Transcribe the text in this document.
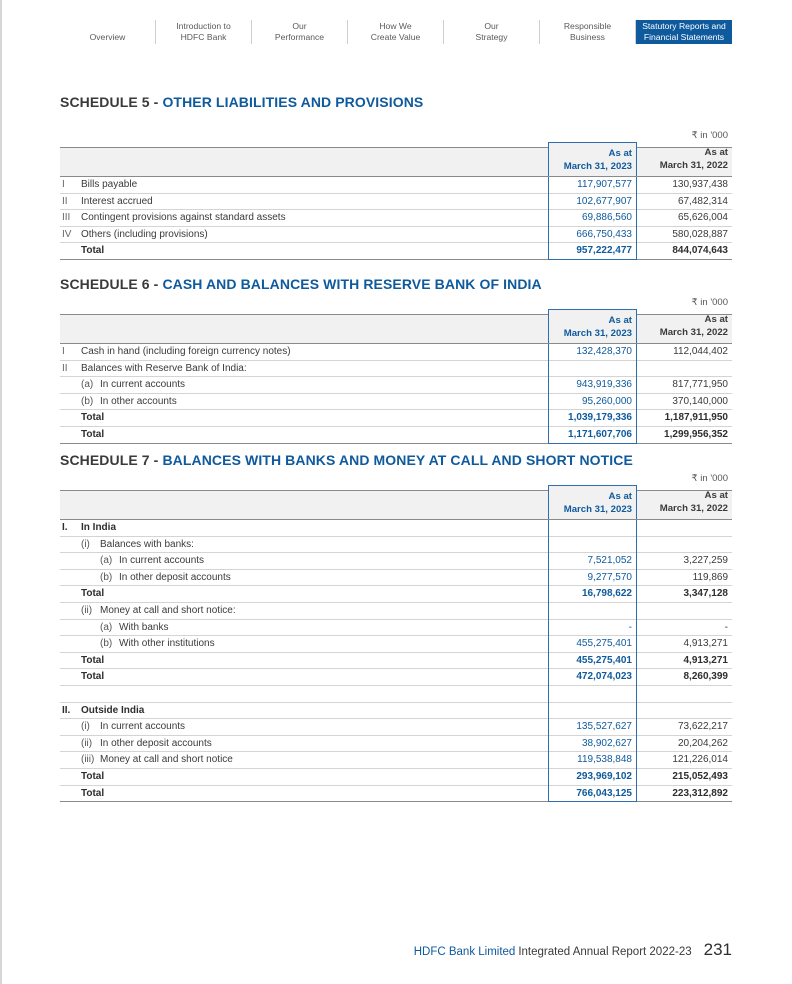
Overview
Introduction to
HDFC Bank
Our
Performance
How We
Create Value
Our
Strategy
Responsible
Business
Statutory Reports and
Financial Statements
SCHEDULE 5 - OTHER LIABILITIES AND PROVISIONS
₹ in '000
As at
March 31, 2023
As at
March 31, 2022
I Bills payable	117,907,577	130,937,438
II Interest accrued	102,677,907	67,482,314
III Contingent provisions against standard assets	69,886,560	65,626,004
IV Others (including provisions)	666,750,433	580,028,887
Total	957,222,477	844,074,643
SCHEDULE 6 - CASH AND BALANCES WITH RESERVE BANK OF INDIA
₹ in '000
As at
March 31, 2023
As at
March 31, 2022
I Cash in hand (including foreign currency notes)	132,428,370	112,044,402
II Balances with Reserve Bank of India:
(a) In current accounts	943,919,336	817,771,950
(b) In other accounts	95,260,000	370,140,000
Total	1,039,179,336	1,187,911,950
Total	1,171,607,706	1,299,956,352
SCHEDULE 7 - BALANCES WITH BANKS AND MONEY AT CALL AND SHORT NOTICE
₹ in '000
As at
March 31, 2023
As at
March 31, 2022
I. In India
(i) Balances with banks:
(a) In current accounts	7,521,052	3,227,259
(b) In other deposit accounts	9,277,570	119,869
Total	16,798,622	3,347,128
(ii) Money at call and short notice:
(a) With banks	-	-
(b) With other institutions	455,275,401	4,913,271
Total	455,275,401	4,913,271
Total	472,074,023	8,260,399
II. Outside India
(i) In current accounts	135,527,627	73,622,217
(ii) In other deposit accounts	38,902,627	20,204,262
(iii) Money at call and short notice	119,538,848	121,226,014
Total	293,969,102	215,052,493
Total	766,043,125	223,312,892
HDFC Bank Limited Integrated Annual Report 2022-23 231
